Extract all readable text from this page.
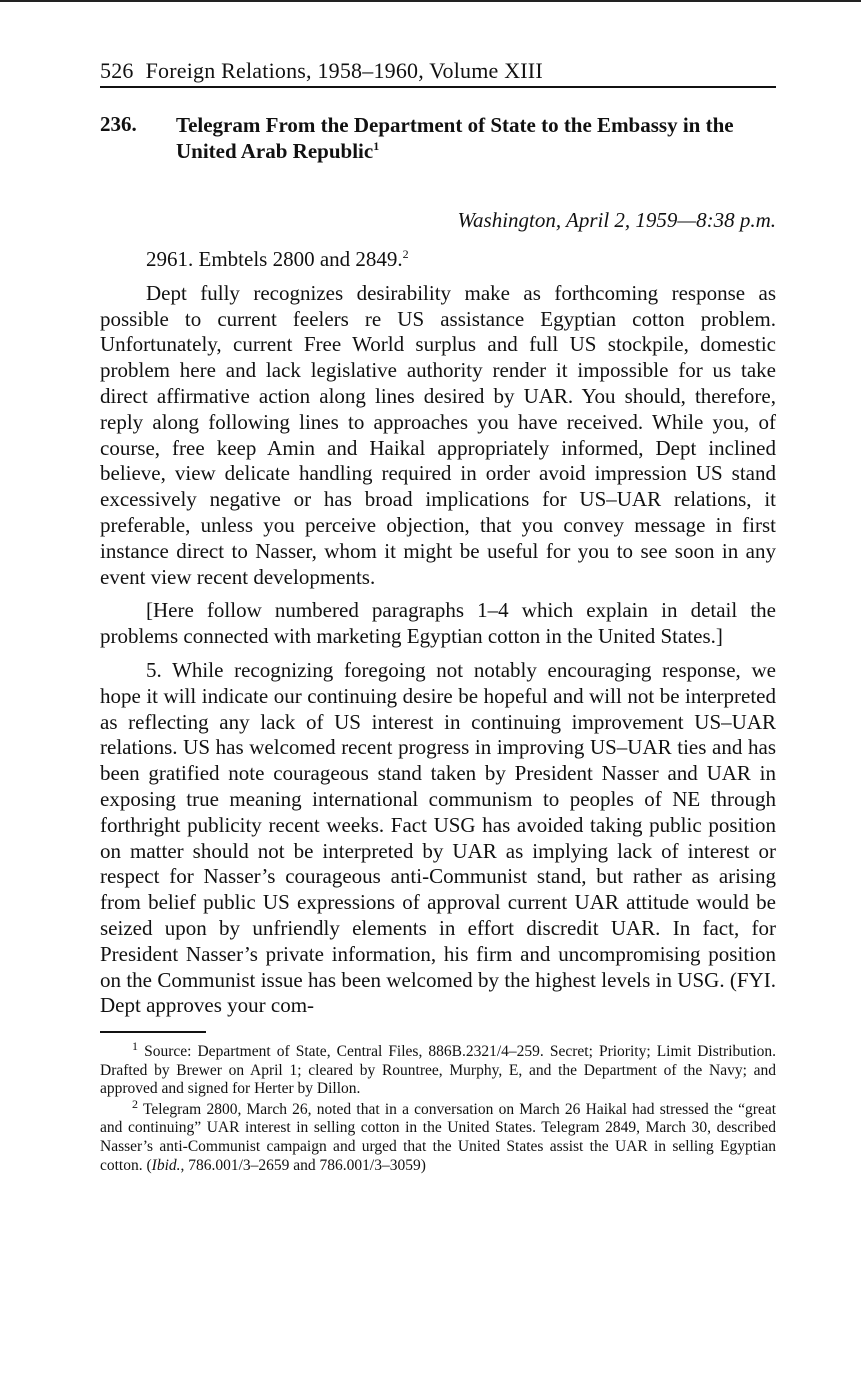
526 Foreign Relations, 1958–1960, Volume XIII
236.	Telegram From the Department of State to the Embassy in the United Arab Republic$^1$
Washington, April 2, 1959—8:38 p.m.

2961. Embtels 2800 and 2849.$^2$

Dept fully recognizes desirability make as forthcoming response as possible to current feelers re US assistance Egyptian cotton problem. Unfortunately, current Free World surplus and full US stockpile, domestic problem here and lack legislative authority render it impossible for us take direct affirmative action along lines desired by UAR. You should, therefore, reply along following lines to approaches you have received. While you, of course, free keep Amin and Haikal appropriately informed, Dept inclined believe, view delicate handling required in order avoid impression US stand excessively negative or has broad implications for US–UAR relations, it preferable, unless you perceive objection, that you convey message in first instance direct to Nasser, whom it might be useful for you to see soon in any event view recent developments.

[Here follow numbered paragraphs 1–4 which explain in detail the problems connected with marketing Egyptian cotton in the United States.]

5. While recognizing foregoing not notably encouraging response, we hope it will indicate our continuing desire be hopeful and will not be interpreted as reflecting any lack of US interest in continuing improvement US–UAR relations. US has welcomed recent progress in improving US–UAR ties and has been gratified note courageous stand taken by President Nasser and UAR in exposing true meaning international communism to peoples of NE through forthright publicity recent weeks. Fact USG has avoided taking public position on matter should not be interpreted by UAR as implying lack of interest or respect for Nasser’s courageous anti-Communist stand, but rather as arising from belief public US expressions of approval current UAR attitude would be seized upon by unfriendly elements in effort discredit UAR. In fact, for President Nasser’s private information, his firm and uncompromising position on the Communist issue has been welcomed by the highest levels in USG. (FYI. Dept approves your com-

$^1$ Source: Department of State, Central Files, 886B.2321/4–259. Secret; Priority; Limit Distribution. Drafted by Brewer on April 1; cleared by Rountree, Murphy, E, and the Department of the Navy; and approved and signed for Herter by Dillon.

$^2$ Telegram 2800, March 26, noted that in a conversation on March 26 Haikal had stressed the “great and continuing” UAR interest in selling cotton in the United States. Telegram 2849, March 30, described Nasser’s anti-Communist campaign and urged that the United States assist the UAR in selling Egyptian cotton. (Ibid., 786.001/3–2659 and 786.001/3–3059)
